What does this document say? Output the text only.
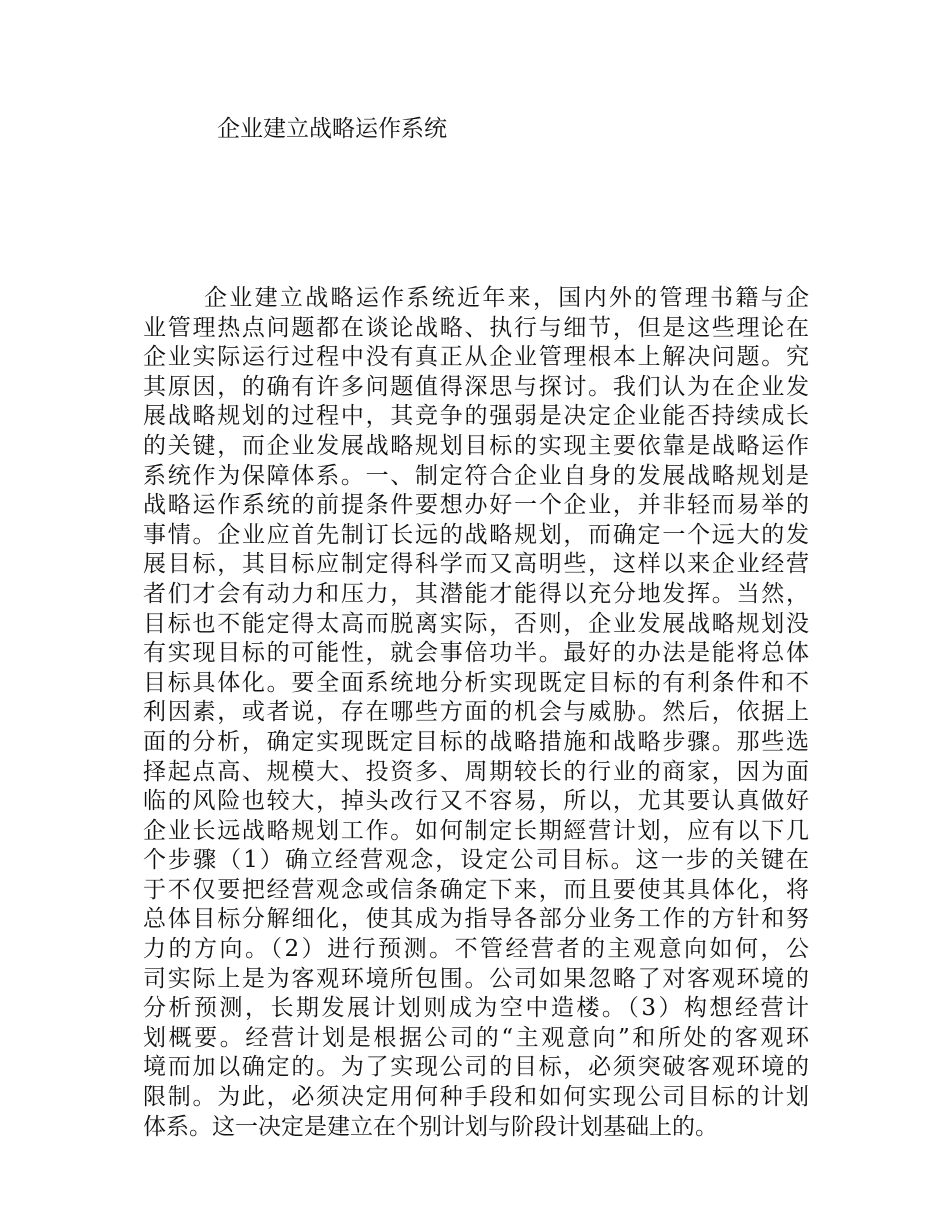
企业建立战略运作系统
企业建立战略运作系统近年来，国内外的管理书籍与企
业管理热点问题都在谈论战略、执行与细节，但是这些理论在
企业实际运行过程中没有真正从企业管理根本上解决问题。究
其原因，的确有许多问题值得深思与探讨。我们认为在企业发
展战略规划的过程中，其竞争的强弱是决定企业能否持续成长
的关键，而企业发展战略规划目标的实现主要依靠是战略运作
系统作为保障体系。一、制定符合企业自身的发展战略规划是
战略运作系统的前提条件要想办好一个企业，并非轻而易举的
事情。企业应首先制订长远的战略规划，而确定一个远大的发
展目标，其目标应制定得科学而又高明些，这样以来企业经营
者们才会有动力和压力，其潜能才能得以充分地发挥。当然，
目标也不能定得太高而脱离实际，否则，企业发展战略规划没
有实现目标的可能性，就会事倍功半。最好的办法是能将总体
目标具体化。要全面系统地分析实现既定目标的有利条件和不
利因素，或者说，存在哪些方面的机会与威胁。然后，依据上
面的分析，确定实现既定目标的战略措施和战略步骤。那些选
择起点高、规模大、投资多、周期较长的行业的商家，因为面
临的风险也较大，掉头改行又不容易，所以，尤其要认真做好
企业长远战略规划工作。如何制定长期經营计划，应有以下几
个步骤（1）确立经营观念，设定公司目标。这一步的关键在
于不仅要把经营观念或信条确定下来，而且要使其具体化，将
总体目标分解细化，使其成为指导各部分业务工作的方针和努
力的方向。（2）进行预测。不管经营者的主观意向如何，公
司实际上是为客观环境所包围。公司如果忽略了对客观环境的
分析预测，长期发展计划则成为空中造楼。（3）构想经营计
划概要。经营计划是根据公司的“主观意向”和所处的客观环
境而加以确定的。为了实现公司的目标，必须突破客观环境的
限制。为此，必须决定用何种手段和如何实现公司目标的计划
体系。这一决定是建立在个别计划与阶段计划基础上的。
